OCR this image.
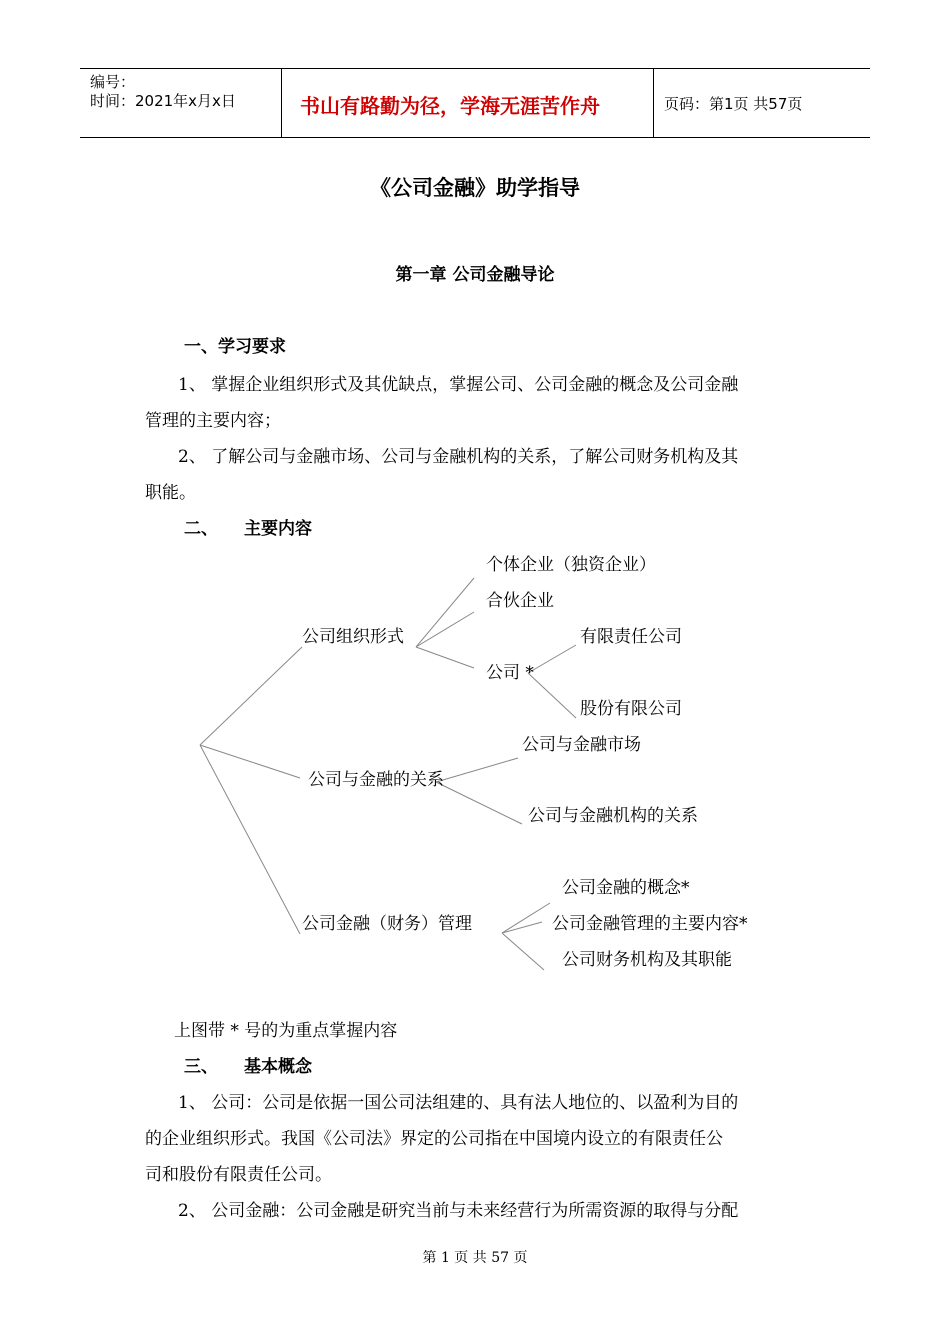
编号：
时间：2021年x月x日	书山有路勤为径，学海无涯苦作舟	页码：第1页 共57页
《公司金融》助学指导
第一章 公司金融导论
一、学习要求
1、 掌握企业组织形式及其优缺点，掌握公司、公司金融的概念及公司金融
管理的主要内容；
2、 了解公司与金融市场、公司与金融机构的关系，了解公司财务机构及其
职能。
二、 主要内容
公司组织形式
个体企业（独资企业）
合伙企业
公司 *
有限责任公司
股份有限公司
公司与金融的关系
公司与金融市场
公司与金融机构的关系
公司金融（财务）管理
公司金融的概念*
公司金融管理的主要内容*
公司财务机构及其职能
上图带 * 号的为重点掌握内容
三、 基本概念
1、 公司：公司是依据一国公司法组建的、具有法人地位的、以盈利为目的
的企业组织形式。我国《公司法》界定的公司指在中国境内设立的有限责任公
司和股份有限责任公司。
2、 公司金融：公司金融是研究当前与未来经营行为所需资源的取得与分配
第 1 页 共 57 页
